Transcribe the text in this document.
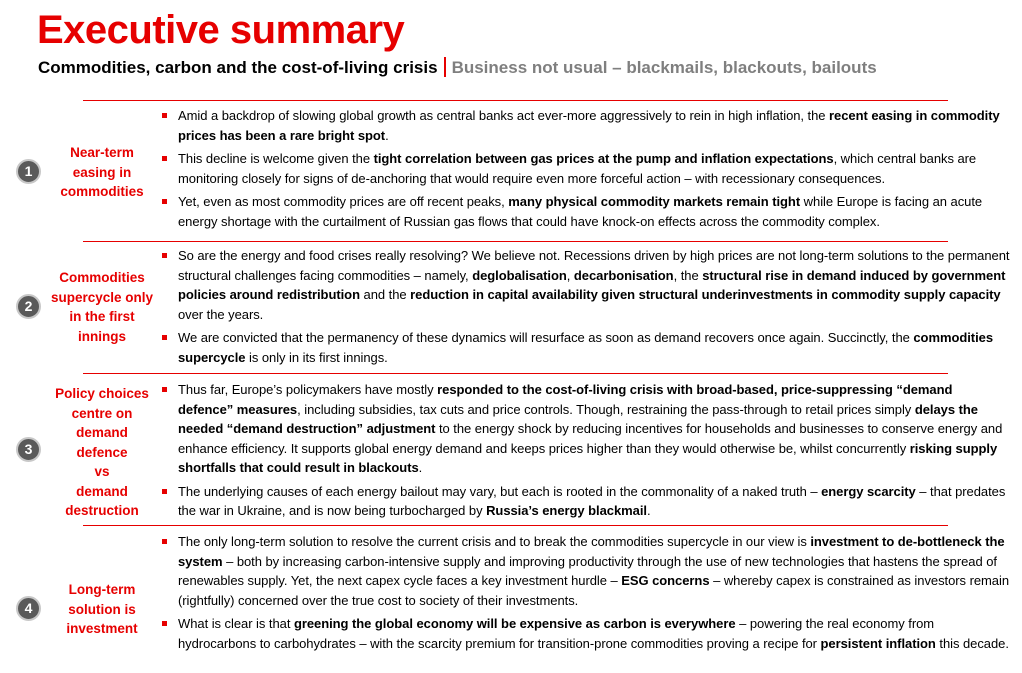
Executive summary
Commodities, carbon and the cost-of-living crisis Business not usual – blackmails, blackouts, bailouts
1
Near-term
easing in
commodities
Amid a backdrop of slowing global growth as central banks act ever-more aggressively to rein in high inflation, the recent easing in commodity prices has been a rare bright spot.
This decline is welcome given the tight correlation between gas prices at the pump and inflation expectations, which central banks are monitoring closely for signs of de-anchoring that would require even more forceful action – with recessionary consequences.
Yet, even as most commodity prices are off recent peaks, many physical commodity markets remain tight while Europe is facing an acute energy shortage with the curtailment of Russian gas flows that could have knock-on effects across the commodity complex.
2
Commodities
supercycle only
in the first
innings
So are the energy and food crises really resolving? We believe not. Recessions driven by high prices are not long-term solutions to the permanent structural challenges facing commodities – namely, deglobalisation, decarbonisation, the structural rise in demand induced by government policies around redistribution and the reduction in capital availability given structural underinvestments in commodity supply capacity over the years.
We are convicted that the permanency of these dynamics will resurface as soon as demand recovers once again. Succinctly, the commodities supercycle is only in its first innings.
3
Policy choices
centre on
demand
defence
vs
demand
destruction
Thus far, Europe’s policymakers have mostly responded to the cost-of-living crisis with broad-based, price-suppressing “demand defence” measures, including subsidies, tax cuts and price controls. Though, restraining the pass-through to retail prices simply delays the needed “demand destruction” adjustment to the energy shock by reducing incentives for households and businesses to conserve energy and enhance efficiency. It supports global energy demand and keeps prices higher than they would otherwise be, whilst concurrently risking supply shortfalls that could result in blackouts.
The underlying causes of each energy bailout may vary, but each is rooted in the commonality of a naked truth – energy scarcity – that predates the war in Ukraine, and is now being turbocharged by Russia’s energy blackmail.
4
Long-term
solution is
investment
The only long-term solution to resolve the current crisis and to break the commodities supercycle in our view is investment to de-bottleneck the system – both by increasing carbon-intensive supply and improving productivity through the use of new technologies that hastens the spread of renewables supply. Yet, the next capex cycle faces a key investment hurdle – ESG concerns – whereby capex is constrained as investors remain (rightfully) concerned over the true cost to society of their investments.
What is clear is that greening the global economy will be expensive as carbon is everywhere – powering the real economy from hydrocarbons to carbohydrates – with the scarcity premium for transition-prone commodities proving a recipe for persistent inflation this decade.
